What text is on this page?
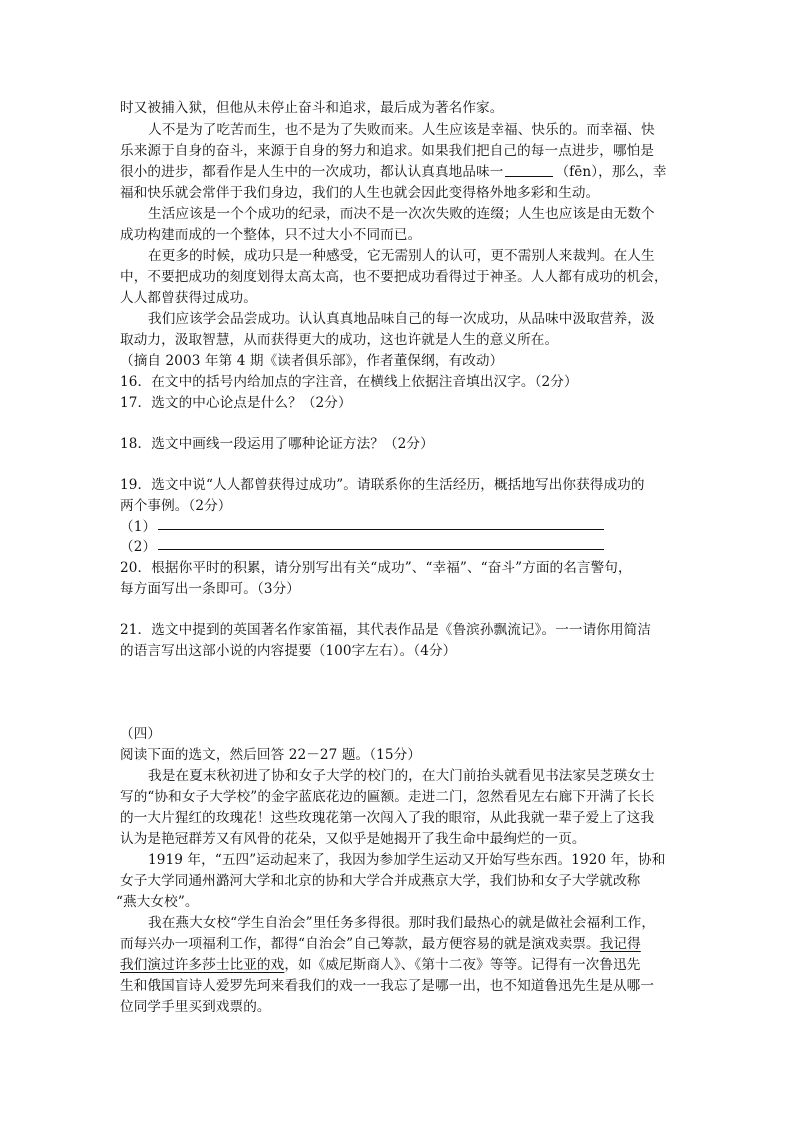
时又被捕入狱，但他从未停止奋斗和追求，最后成为著名作家。
人不是为了吃苦而生，也不是为了失败而来。人生应该是幸福、快乐的。而幸福、快
乐来源于自身的奋斗，来源于自身的努力和追求。如果我们把自己的每一点进步，哪怕是
很小的进步，都看作是人生中的一次成功，都认认真真地品味一	（fēn），那么，幸
福和快乐就会常伴于我们身边，我们的人生也就会因此变得格外地多彩和生动。
生活应该是一个个成功的纪录，而决不是一次次失败的连缀；人生也应该是由无数个
成功构建而成的一个整体，只不过大小不同而已。
在更多的时候，成功只是一种感受，它无需别人的认可，更不需别人来裁判。在人生
中，不要把成功的刻度划得太高太高，也不要把成功看得过于神圣。人人都有成功的机会，
人人都曾获得过成功。
我们应该学会品尝成功。认认真真地品味自己的每一次成功，从品味中汲取营养，汲
取动力，汲取智慧，从而获得更大的成功，这也许就是人生的意义所在。
（摘自 2003 年第 4 期《读者俱乐部》，作者董保纲，有改动）
16．在文中的括号内给加点的字注音，在横线上依据注音填出汉字。（2分）
17．选文的中心论点是什么？（2分）
18．选文中画线一段运用了哪种论证方法？（2分）
19．选文中说“人人都曾获得过成功”。请联系你的生活经历，概括地写出你获得成功的
两个事例。（2分）
（1）
（2）
20．根据你平时的积累，请分别写出有关“成功”、“幸福”、“奋斗”方面的名言警句，
每方面写出一条即可。（3分）
21．选文中提到的英国著名作家笛福，其代表作品是《鲁滨孙飘流记》。一一请你用简洁
的语言写出这部小说的内容提要（100字左右）。（4分）
（四）
阅读下面的选文，然后回答 22－27 题。（15分）
我是在夏末秋初进了协和女子大学的校门的，在大门前抬头就看见书法家吴芝瑛女士
写的“协和女子大学校”的金字蓝底花边的匾额。走进二门，忽然看见左右廊下开满了长长
的一大片猩红的玫瑰花！这些玫瑰花第一次闯入了我的眼帘，从此我就一辈子爱上了这我
认为是艳冠群芳又有风骨的花朵，又似乎是她揭开了我生命中最绚烂的一页。
1919 年，“五四”运动起来了，我因为参加学生运动又开始写些东西。1920 年，协和
女子大学同通州潞河大学和北京的协和大学合并成燕京大学，我们协和女子大学就改称
“燕大女校”。
我在燕大女校“学生自治会”里任务多得很。那时我们最热心的就是做社会福利工作，
而每兴办一项福利工作，都得“自治会”自己筹款，最方便容易的就是演戏卖票。我记得
我们演过许多莎士比亚的戏，如《威尼斯商人》、《第十二夜》等等。记得有一次鲁迅先
生和俄国盲诗人爱罗先珂来看我们的戏一一我忘了是哪一出，也不知道鲁迅先生是从哪一
位同学手里买到戏票的。
